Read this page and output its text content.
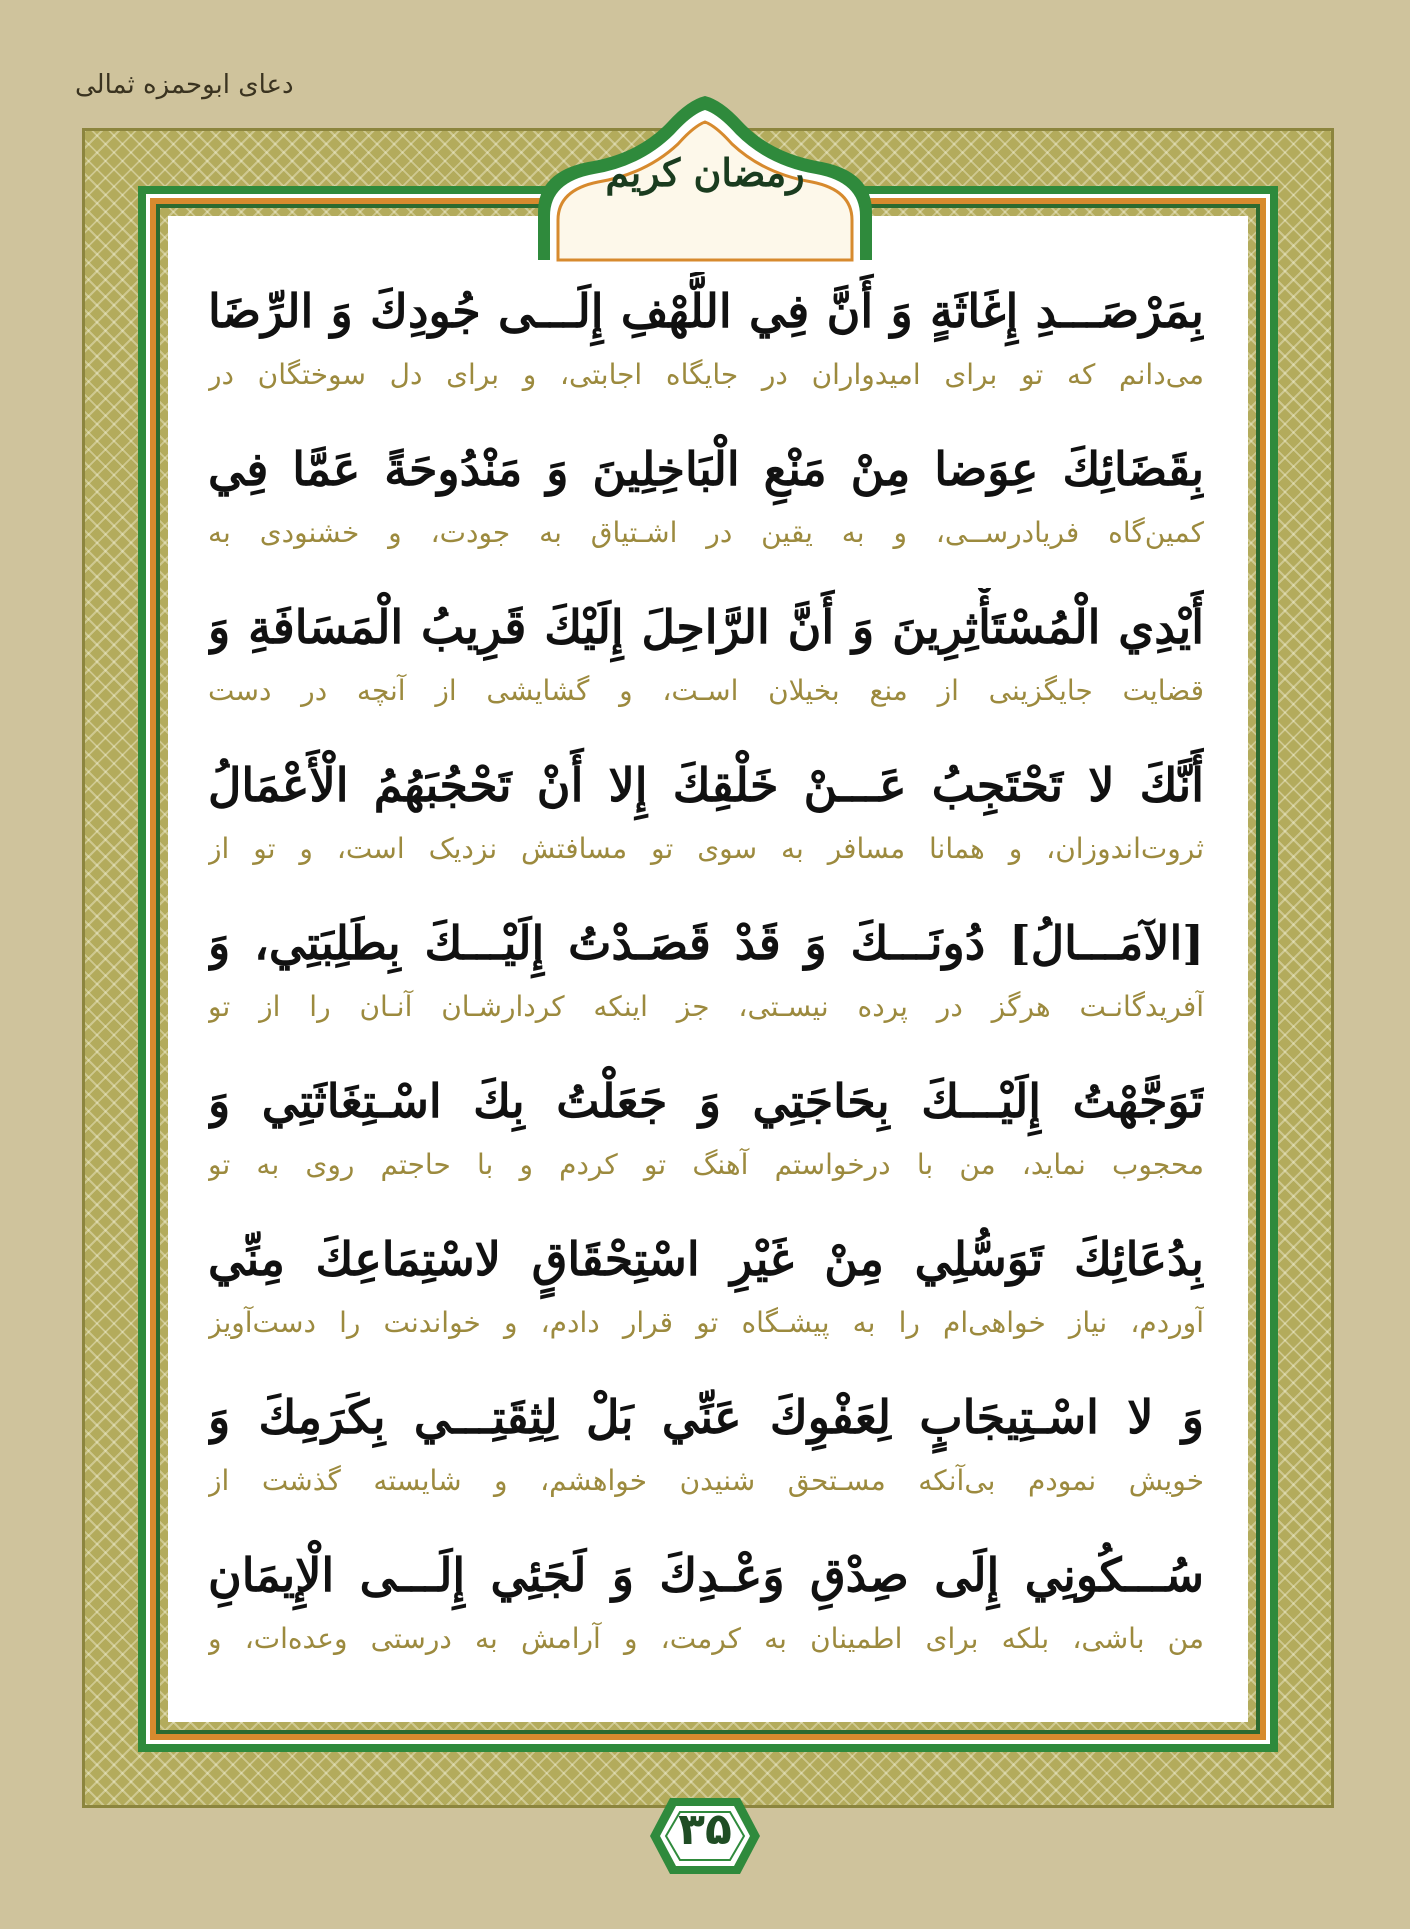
دعای ابوحمزه ثمالی
رمضان کریم
بِمَرْصَـــدِ إِغَاثَةٍ وَ أَنَّ فِي اللَّهْفِ إِلَـــى جُودِكَ وَ الرِّضَا
می‌دانم که تو برای امیدواران در جایگاه اجابتی، و برای دل سوختگان در
بِقَضَائِكَ عِوَضا مِنْ مَنْعِ الْبَاخِلِينَ وَ مَنْدُوحَةً عَمَّا فِي
کمین‌گاه فریادرســی، و به یقین در اشـتیاق به جودت، و خشنودی به
أَيْدِي الْمُسْتَأْثِرِينَ وَ أَنَّ الرَّاحِلَ إِلَيْكَ قَرِيبُ الْمَسَافَةِ وَ
قضایت جایگزینی از منع بخیلان اسـت، و گشایشی از آنچه در دست
أَنَّكَ لا تَحْتَجِبُ عَـــنْ خَلْقِكَ إِلا أَنْ تَحْجُبَهُمُ الْأَعْمَالُ
ثروت‌اندوزان، و همانا مسافر به سوی تو مسافتش نزدیک است، و تو از
[الآمَـــالُ] دُونَـــكَ وَ قَدْ قَصَـدْتُ إِلَيْـــكَ بِطَلِبَتِي، وَ
آفریدگانـت هرگز در پرده نیسـتی، جز اینکه کردارشـان آنـان را از تو
تَوَجَّهْتُ إِلَيْـــكَ بِحَاجَتِي وَ جَعَلْتُ بِكَ اسْـتِغَاثَتِي وَ
محجوب نماید، من با درخواستم آهنگ تو کردم و با حاجتم روی به تو
بِدُعَائِكَ تَوَسُّلِي مِنْ غَيْرِ اسْتِحْقَاقٍ لاسْتِمَاعِكَ مِنِّي
آوردم، نیاز خواهی‌ام را به پیشـگاه تو قرار دادم، و خواندنت را دست‌آویز
وَ لا اسْـتِيجَابٍ لِعَفْوِكَ عَنِّي بَلْ لِثِقَتِـــي بِكَرَمِكَ وَ
خویش نمودم بی‌آنکه مسـتحق شنیدن خواهشم، و شایسته گذشت از
سُـــكُونِي إِلَى صِدْقِ وَعْـدِكَ وَ لَجَئِي إِلَـــى الْإِيمَانِ
من باشی، بلکه برای اطمینان به کرمت، و آرامش به درستی وعده‌ات، و
۳۵
